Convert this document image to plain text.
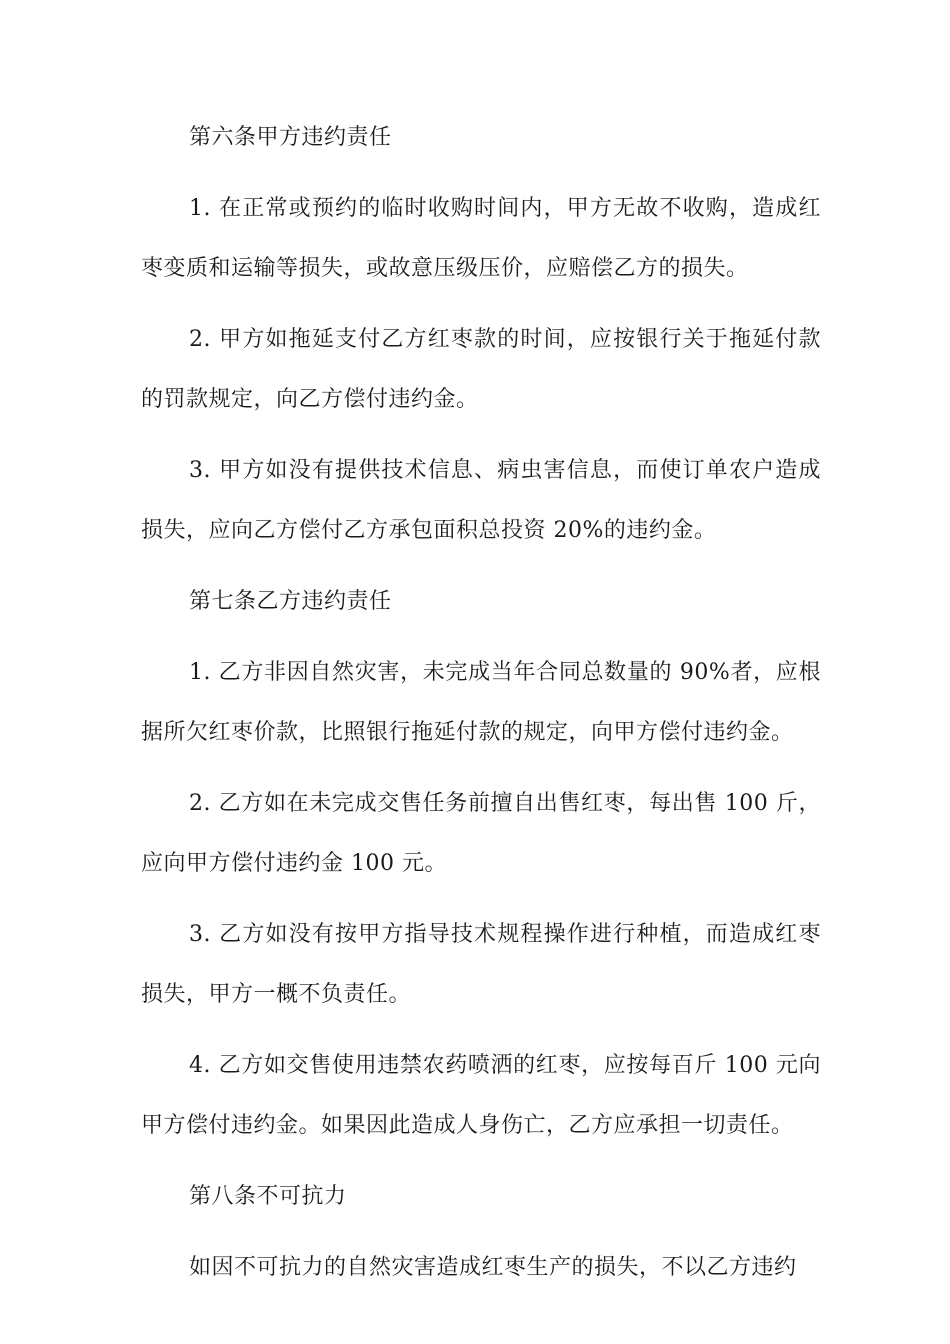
第六条甲方违约责任

1. 在正常或预约的临时收购时间内，甲方无故不收购，造成红枣变质和运输等损失，或故意压级压价，应赔偿乙方的损失。

2. 甲方如拖延支付乙方红枣款的时间，应按银行关于拖延付款的罚款规定，向乙方偿付违约金。

3. 甲方如没有提供技术信息、病虫害信息，而使订单农户造成损失，应向乙方偿付乙方承包面积总投资 20%的违约金。

第七条乙方违约责任

1. 乙方非因自然灾害，未完成当年合同总数量的 90%者，应根据所欠红枣价款，比照银行拖延付款的规定，向甲方偿付违约金。

2. 乙方如在未完成交售任务前擅自出售红枣，每出售 100 斤，应向甲方偿付违约金 100 元。

3. 乙方如没有按甲方指导技术规程操作进行种植，而造成红枣损失，甲方一概不负责任。

4. 乙方如交售使用违禁农药喷洒的红枣，应按每百斤 100 元向甲方偿付违约金。如果因此造成人身伤亡，乙方应承担一切责任。

第八条不可抗力

如因不可抗力的自然灾害造成红枣生产的损失，不以乙方违约
